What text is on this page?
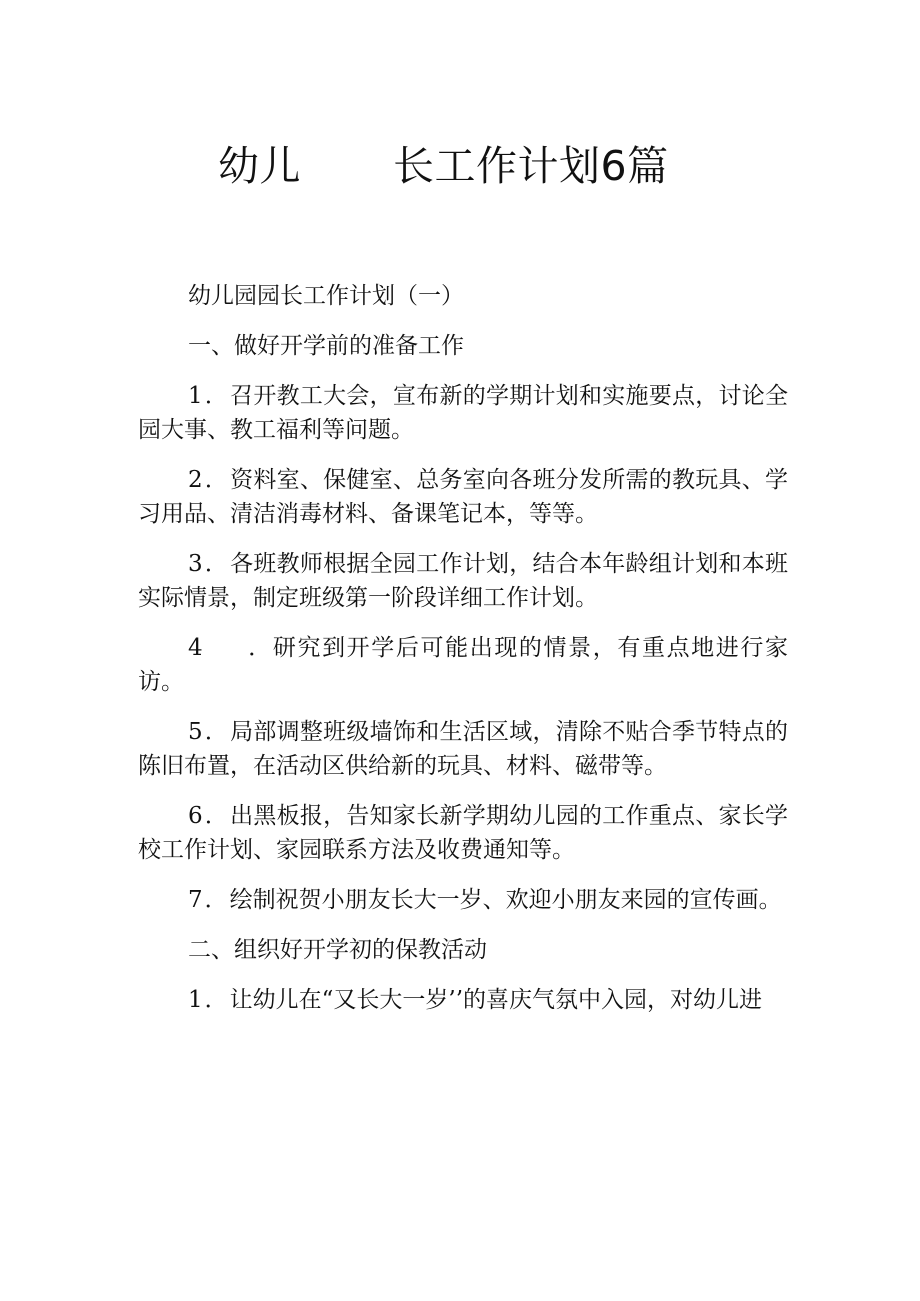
幼儿 长工作计划6篇

幼儿园园长工作计划（一）

一、做好开学前的准备工作

1．召开教工大会，宣布新的学期计划和实施要点，讨论全园大事、教工福利等问题。

2．资料室、保健室、总务室向各班分发所需的教玩具、学习用品、清洁消毒材料、备课笔记本，等等。

3．各班教师根据全园工作计划，结合本年龄组计划和本班实际情景，制定班级第一阶段详细工作计划。

4 ．研究到开学后可能出现的情景，有重点地进行家访。

5．局部调整班级墙饰和生活区域，清除不贴合季节特点的陈旧布置，在活动区供给新的玩具、材料、磁带等。

6．出黑板报，告知家长新学期幼儿园的工作重点、家长学校工作计划、家园联系方法及收费通知等。

7．绘制祝贺小朋友长大一岁、欢迎小朋友来园的宣传画。

二、组织好开学初的保教活动

1．让幼儿在“又长大一岁’’的喜庆气氛中入园，对幼儿进
